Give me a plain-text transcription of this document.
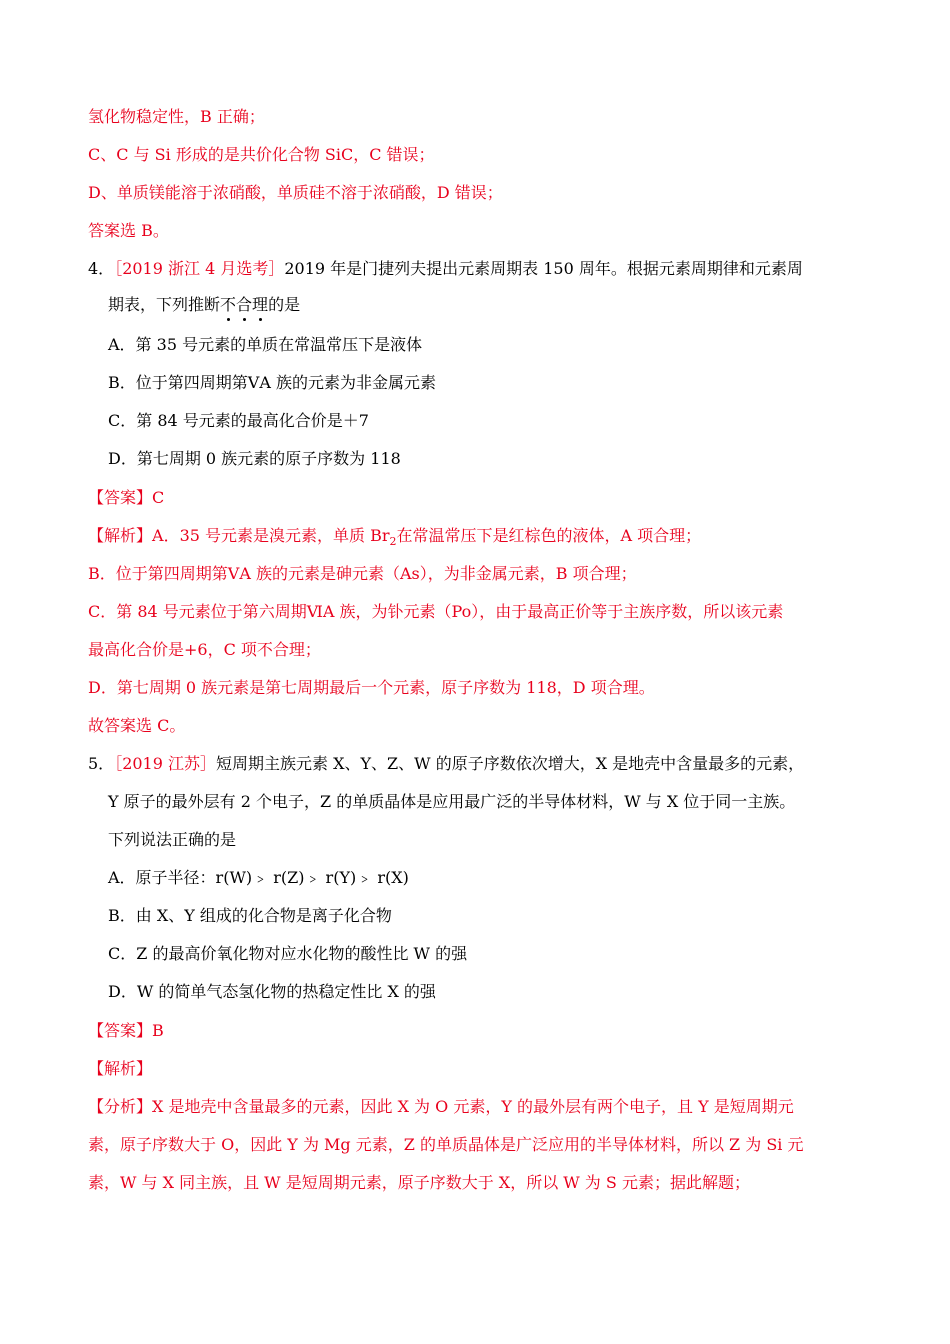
氢化物稳定性，B 正确；
C、C 与 Si 形成的是共价化合物 SiC，C 错误；
D、单质镁能溶于浓硝酸，单质硅不溶于浓硝酸，D 错误；
答案选 B。
4．［2019 浙江 4 月选考］2019 年是门捷列夫提出元素周期表 150 周年。根据元素周期律和元素周
期表，下列推断不合理的是
A．第 35 号元素的单质在常温常压下是液体
B．位于第四周期第ⅤA 族的元素为非金属元素
C．第 84 号元素的最高化合价是＋7
D．第七周期 0 族元素的原子序数为 118
【答案】C
【解析】A．35 号元素是溴元素，单质 $Br_2$在常温常压下是红棕色的液体，A 项合理；
B．位于第四周期第ⅤA 族的元素是砷元素（As），为非金属元素，B 项合理；
C．第 84 号元素位于第六周期ⅥA 族，为钋元素（Po），由于最高正价等于主族序数，所以该元素
最高化合价是+6，C 项不合理；
D．第七周期 0 族元素是第七周期最后一个元素，原子序数为 118，D 项合理。
故答案选 C。
5．［2019 江苏］短周期主族元素 X、Y、Z、W 的原子序数依次增大，X 是地壳中含量最多的元素，
Y 原子的最外层有 2 个电子，Z 的单质晶体是应用最广泛的半导体材料，W 与 X 位于同一主族。
下列说法正确的是
A．原子半径：r(W)﹥ r(Z)﹥ r(Y)﹥ r(X)
B．由 X、Y 组成的化合物是离子化合物
C．Z 的最高价氧化物对应水化物的酸性比 W 的强
D．W 的简单气态氢化物的热稳定性比 X 的强
【答案】B
【解析】
【分析】X 是地壳中含量最多的元素，因此 X 为 O 元素，Y 的最外层有两个电子，且 Y 是短周期元
素，原子序数大于 O，因此 Y 为 Mg 元素，Z 的单质晶体是广泛应用的半导体材料，所以 Z 为 Si 元
素，W 与 X 同主族，且 W 是短周期元素，原子序数大于 X，所以 W 为 S 元素；据此解题；
